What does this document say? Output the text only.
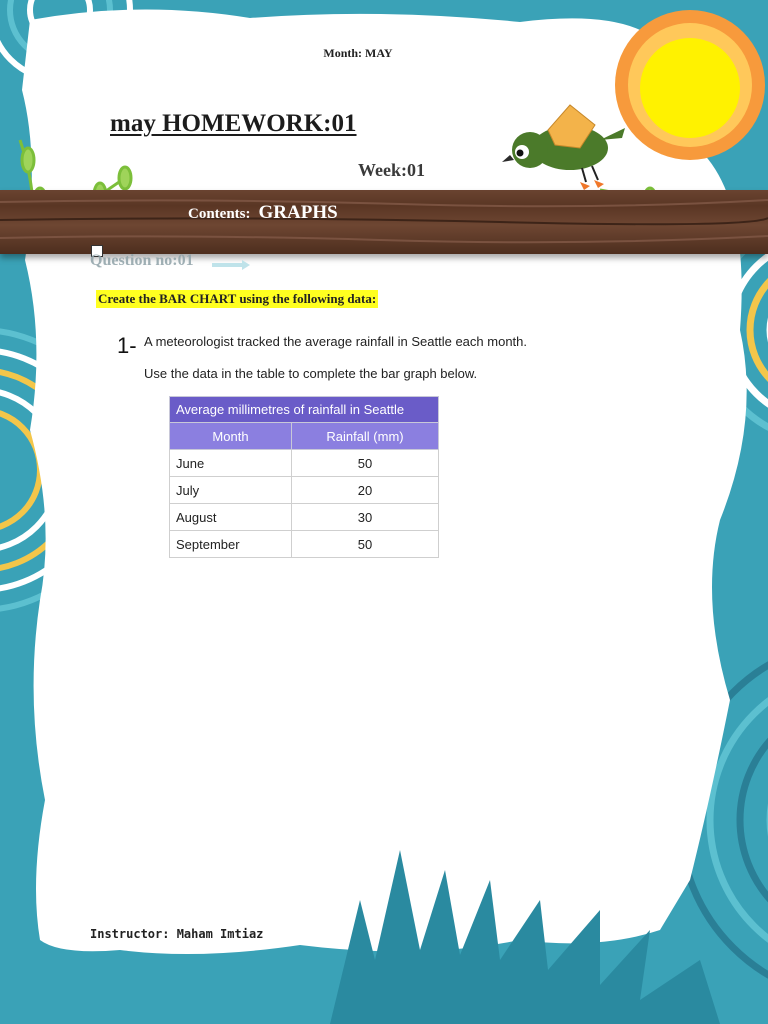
Month: MAY
may HOMEWORK:01
Week:01
Contents: GRAPHS
Question no:01
Create the BAR CHART using the following data:
1- A meteorologist tracked the average rainfall in Seattle each month.
Use the data in the table to complete the bar graph below.
Average millimetres of rainfall in Seattle	
Month	Rainfall (mm)
June	50
July	20
August	30
September	50
Instructor: Maham Imtiaz
